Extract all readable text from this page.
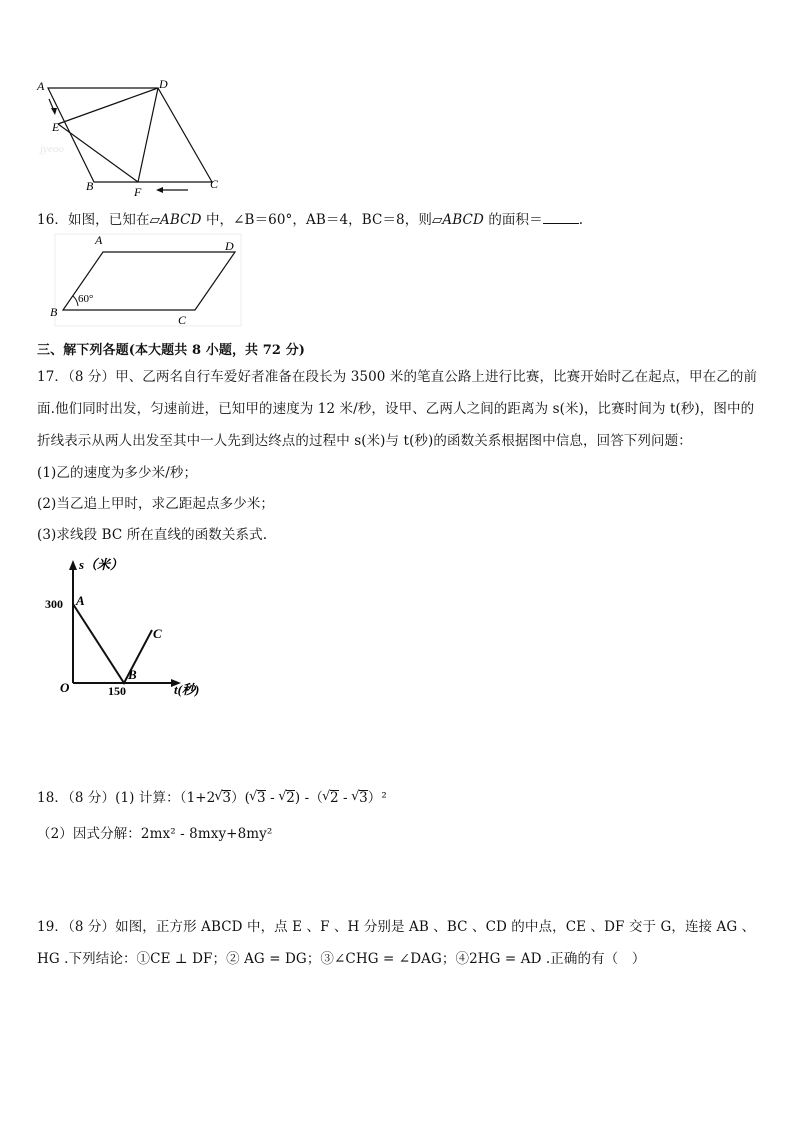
A	D
E
B	F
C
jyeoo
16．如图，已知在▱ABCD 中，∠B＝60°，AB＝4，BC＝8，则▱ABCD 的面积＝	.
A	D
B
C
60°
三、解下列各题(本大题共 8 小题，共 72 分)
17．（8 分）甲、乙两名自行车爱好者准备在段长为 3500 米的笔直公路上进行比赛，比赛开始时乙在起点，甲在乙的前
面.他们同时出发，匀速前进，已知甲的速度为 12 米/秒，设甲、乙两人之间的距离为 s(米)，比赛时间为 t(秒)，图中的
折线表示从两人出发至其中一人先到达终点的过程中 s(米)与 t(秒)的函数关系根据图中信息，回答下列问题：
(1)乙的速度为多少米/秒；
(2)当乙追上甲时，求乙距起点多少米；
(3)求线段 BC 所在直线的函数关系式.
s（米）
t(秒)
O
300
150
A
B
C
18．（8 分）(1) 计算：（1+2 √ 3）( √ 3 - √ 2) -（ √ 2 - √ 3）²
（2）因式分解：2mx² - 8mxy+8my²
19．（8 分）如图，正方形 ABCD 中，点 E 、F 、H 分别是 AB 、BC 、CD 的中点，CE 、DF 交于 G，连接 AG 、
HG .下列结论：①CE ⊥ DF；② AG = DG；③∠CHG = ∠DAG；④2HG = AD .正确的有（　）
